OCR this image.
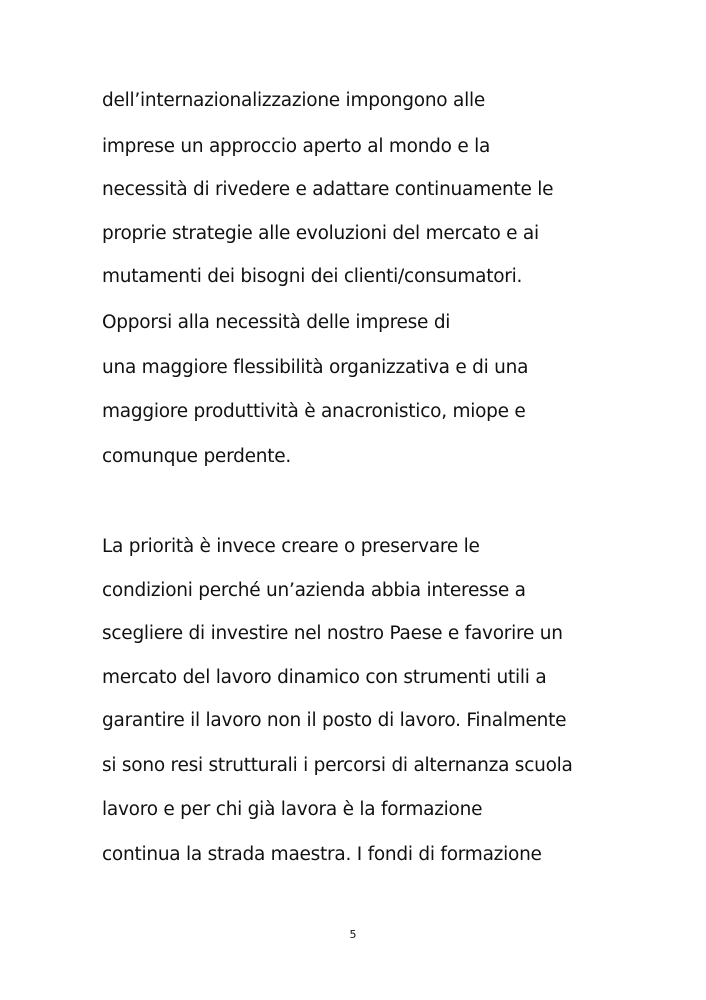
dell’internazionalizzazione impongono alle
imprese un approccio aperto al mondo e la
necessità di rivedere e adattare continuamente le
proprie strategie alle evoluzioni del mercato e ai
mutamenti dei bisogni dei clienti/consumatori.
Opporsi alla necessità delle imprese di
una maggiore flessibilità organizzativa e di una
maggiore produttività è anacronistico, miope e
comunque perdente.
La priorità è invece creare o preservare le
condizioni perché un’azienda abbia interesse a
scegliere di investire nel nostro Paese e favorire un
mercato del lavoro dinamico con strumenti utili a
garantire il lavoro non il posto di lavoro. Finalmente
si sono resi strutturali i percorsi di alternanza scuola
lavoro e per chi già lavora è la formazione
continua la strada maestra. I fondi di formazione
5
